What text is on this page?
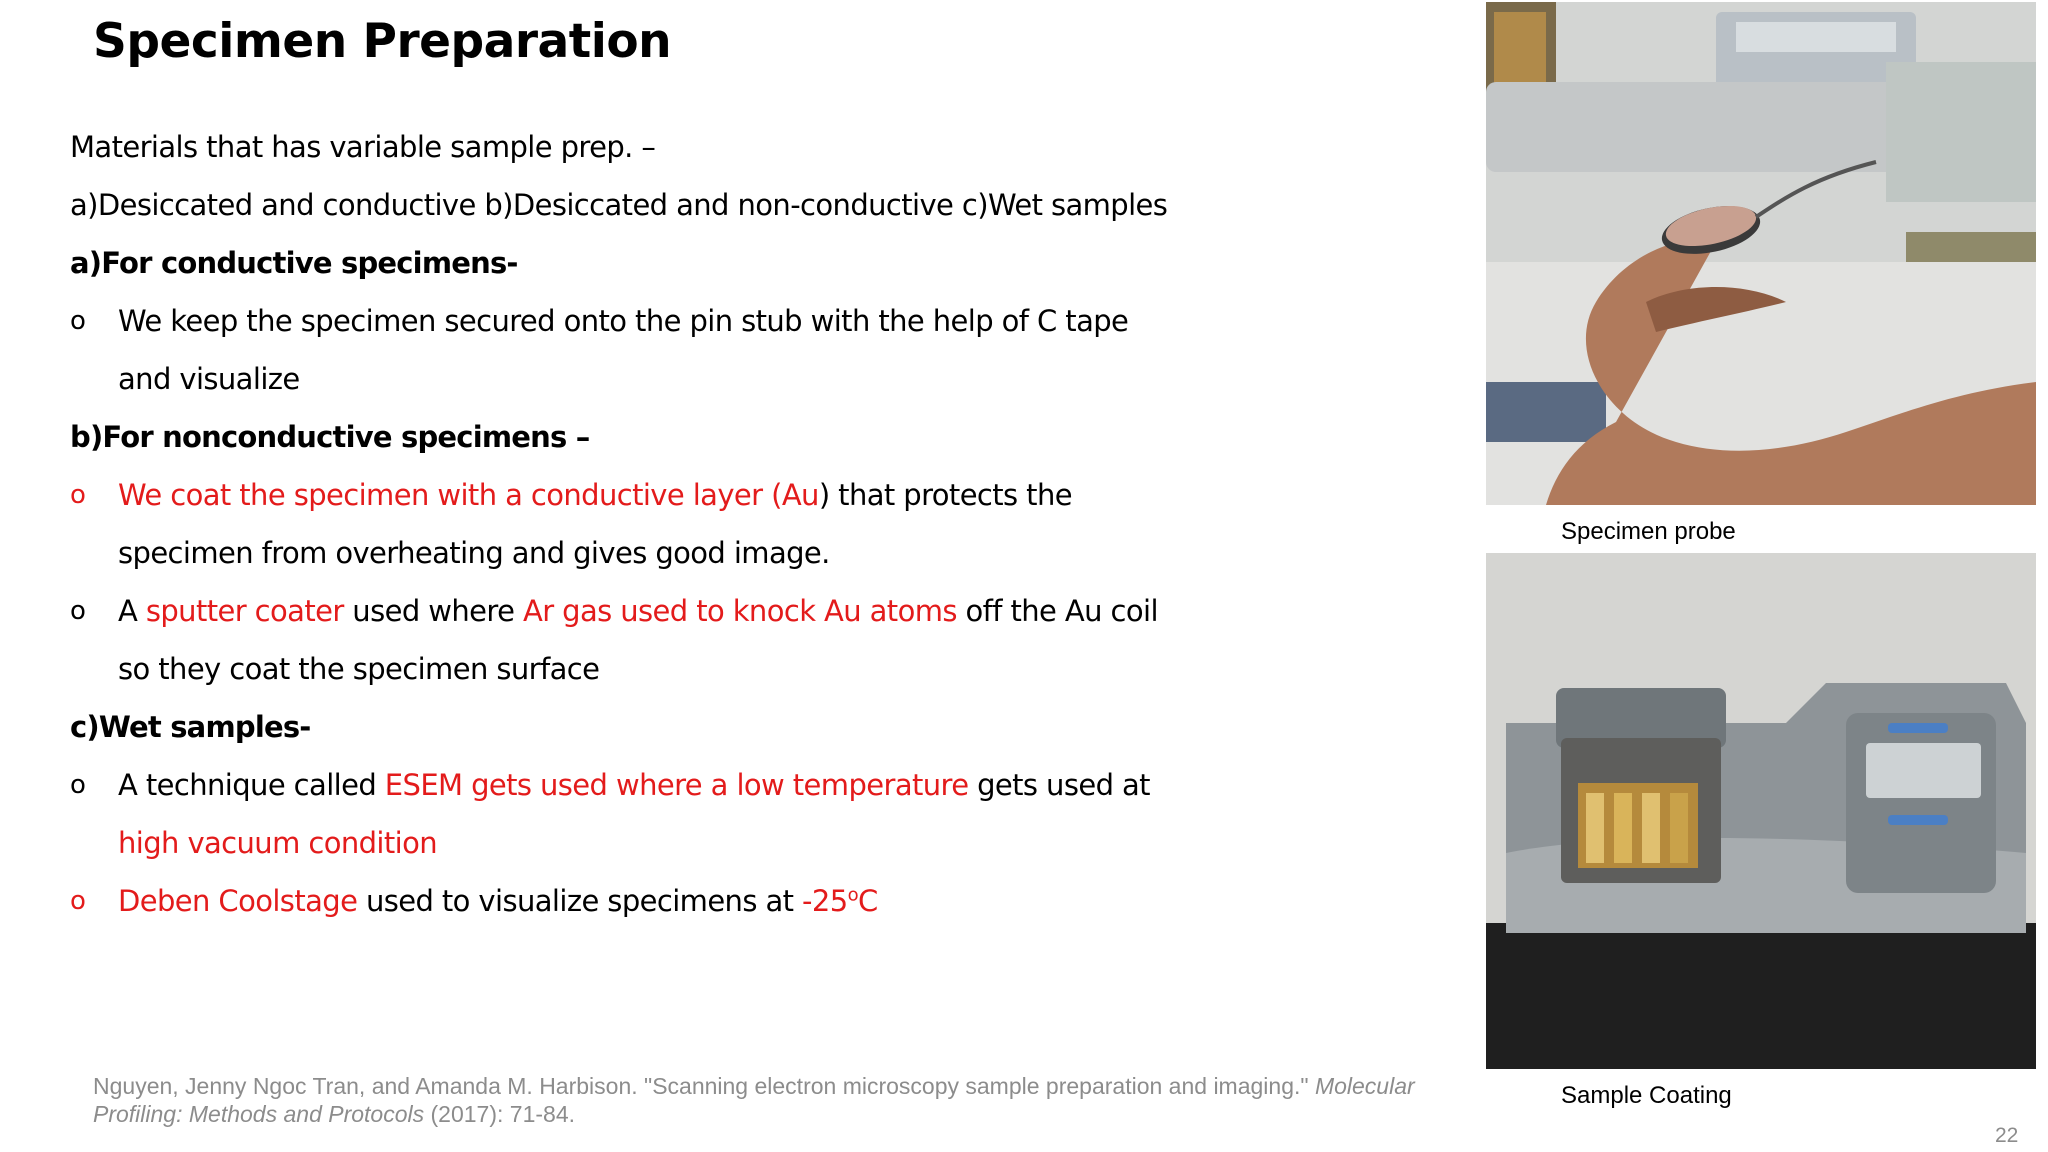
Specimen Preparation
Materials that has variable sample prep. –
a)Desiccated and conductive b)Desiccated and non-conductive c)Wet samples
a)For conductive specimens-
o We keep the specimen secured onto the pin stub with the help of C tape
and visualize
b)For nonconductive specimens –
o We coat the specimen with a conductive layer (Au) that protects the
specimen from overheating and gives good image.
o A sputter coater used where Ar gas used to knock Au atoms off the Au coil
so they coat the specimen surface
c)Wet samples-
o A technique called ESEM gets used where a low temperature gets used at
high vacuum condition
o Deben Coolstage used to visualize specimens at -25$^o$C
Nguyen, Jenny Ngoc Tran, and Amanda M. Harbison. "Scanning electron microscopy sample preparation and imaging." Molecular Profiling: Methods and Protocols (2017): 71-84.
Specimen probe
Sample Coating
22
